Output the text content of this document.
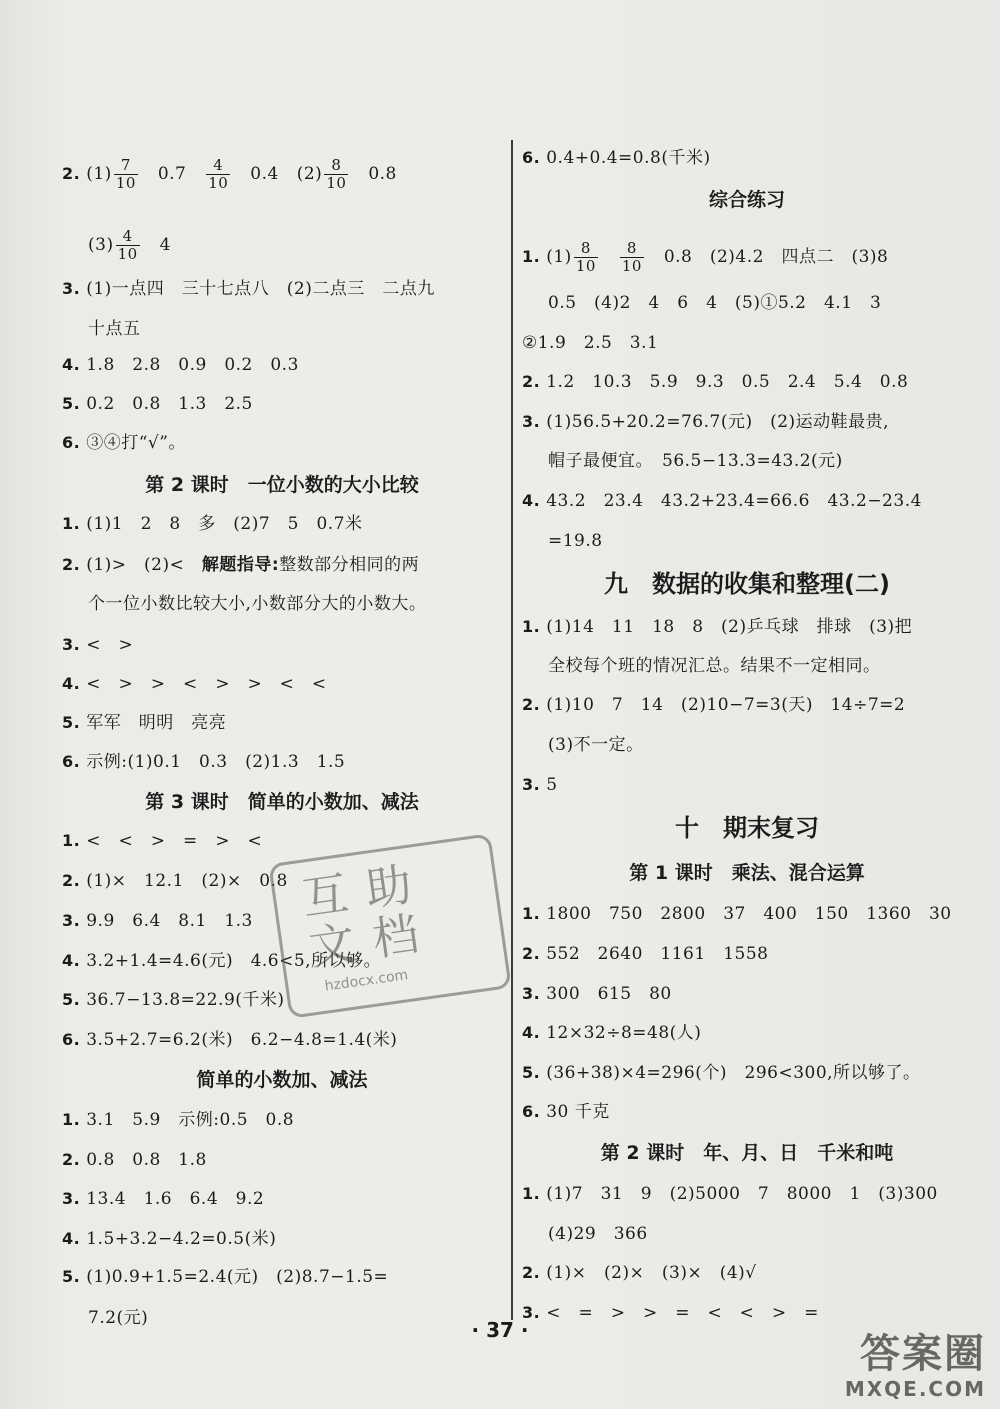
2. $(1) \frac{7}{10} 0.7 \frac{4}{10} 0.4$ $(2) \frac{8}{10} 0.8$
$(3) \frac{4}{10} 4$
3. (1)一点四　三十七点八　(2)二点三　二点九
十点五
4. 1.8　2.8　0.9　0.2　0.3
5. 0.2　0.8　1.3　2.5
6. ③④打“√”。
第 2 课时　一位小数的大小比较
1. (1)1　2　8　多　(2)7　5　0.7米
2. (1)>　(2)<　解题指导:整数部分相同的两
个一位小数比较大小,小数部分大的小数大。
3. <　>
4. <　>　>　<　>　>　<　<
5. 军军　明明　亮亮
6. 示例:(1)0.1　0.3　(2)1.3　1.5
第 3 课时　简单的小数加、减法
1. <　<　>　=　>　<
2. (1)×　12.1　(2)×　0.8
3. 9.9　6.4　8.1　1.3
4. 3.2+1.4=4.6(元)　4.6<5,所以够。
5. 36.7−13.8=22.9(千米)
6. 3.5+2.7=6.2(米)　6.2−4.8=1.4(米)
简单的小数加、减法
1. 3.1　5.9　示例:0.5　0.8
2. 0.8　0.8　1.8
3. 13.4　1.6　6.4　9.2
4. 1.5+3.2−4.2=0.5(米)
5. (1)0.9+1.5=2.4(元)　(2)8.7−1.5=
7.2(元)
6. 0.4+0.4=0.8(千米)
综合练习
1. $(1) \frac{8}{10}$
$\frac{8}{10} 0.8$　(2)4.2　四点二　(3)8
0.5　(4)2　4　6　4　(5)①5.2　4.1　3
②1.9　2.5　3.1
2. 1.2　10.3　5.9　9.3　0.5　2.4　5.4　0.8
3. (1)56.5+20.2=76.7(元)　(2)运动鞋最贵,
帽子最便宜。　56.5−13.3=43.2(元)
4. 43.2　23.4　43.2+23.4=66.6　43.2−23.4
=19.8
九　数据的收集和整理(二)
1. (1)14　11　18　8　(2)乒乓球　排球　(3)把
全校每个班的情况汇总。结果不一定相同。
2. (1)10　7　14　(2)10−7=3(天)　14÷7=2
(3)不一定。
3. 5
十　期末复习
第 1 课时　乘法、混合运算
1. 1800　750　2800　37　400　150　1360　30
2. 552　2640　1161　1558
3. 300　615　80
4. 12×32÷8=48(人)
5. (36+38)×4=296(个)　296<300,所以够了。
6. 30 千克
第 2 课时　年、月、日　千米和吨
1. (1)7　31　9　(2)5000　7　8000　1　(3)300
(4)29　366
2. (1)×　(2)×　(3)×　(4)√
3. <　=　>　>　=　<　<　>　=
互助
文档
hzdocx.com
· 37 ·
答案圈
MXQE.COM
